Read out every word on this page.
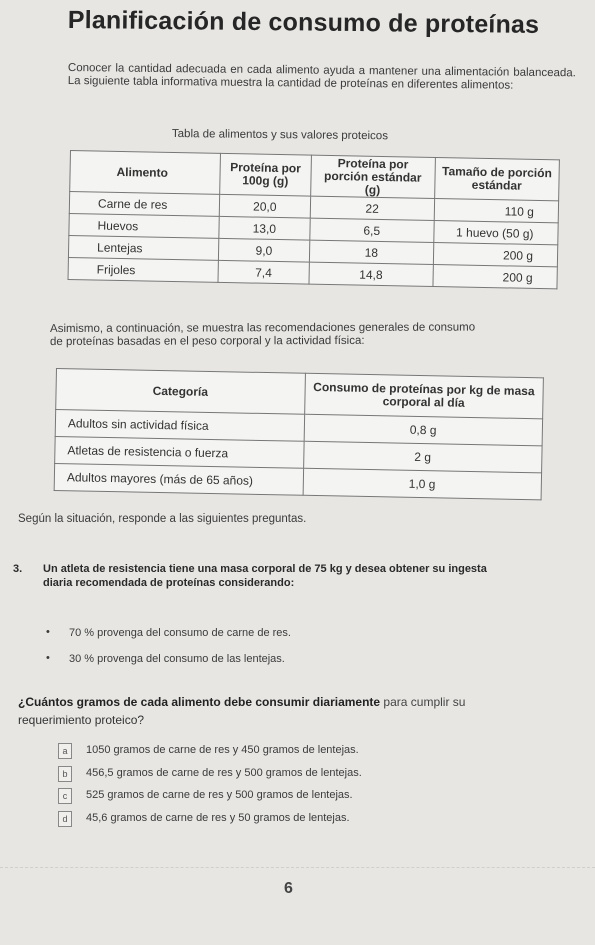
Planificación de consumo de proteínas
Conocer la cantidad adecuada en cada alimento ayuda a mantener una alimentación balanceada. La siguiente tabla informativa muestra la cantidad de proteínas en diferentes alimentos:
Tabla de alimentos y sus valores proteicos
Alimento	Proteína por 100g (g)	Proteína por porción estándar (g)	Tamaño de porción estándar
Carne de res	20,0	22	110 g
Huevos	13,0	6,5	1 huevo (50 g)
Lentejas	9,0	18	200 g
Frijoles	7,4	14,8	200 g
Asimismo, a continuación, se muestra las recomendaciones generales de consumo
de proteínas basadas en el peso corporal y la actividad física:
Categoría	Consumo de proteínas por kg de masa corporal al día
Adultos sin actividad física	0,8 g
Atletas de resistencia o fuerza	2 g
Adultos mayores (más de 65 años)	1,0 g
Según la situación, responde a las siguientes preguntas.
3. Un atleta de resistencia tiene una masa corporal de 75 kg y desea obtener su ingesta
diaria recomendada de proteínas considerando:
• 70 % provenga del consumo de carne de res.
• 30 % provenga del consumo de las lentejas.
¿Cuántos gramos de cada alimento debe consumir diariamente para cumplir su
requerimiento proteico?
a	1050 gramos de carne de res y 450 gramos de lentejas.
b	456,5 gramos de carne de res y 500 gramos de lentejas.
c	525 gramos de carne de res y 500 gramos de lentejas.
d	45,6 gramos de carne de res y 50 gramos de lentejas.
6
